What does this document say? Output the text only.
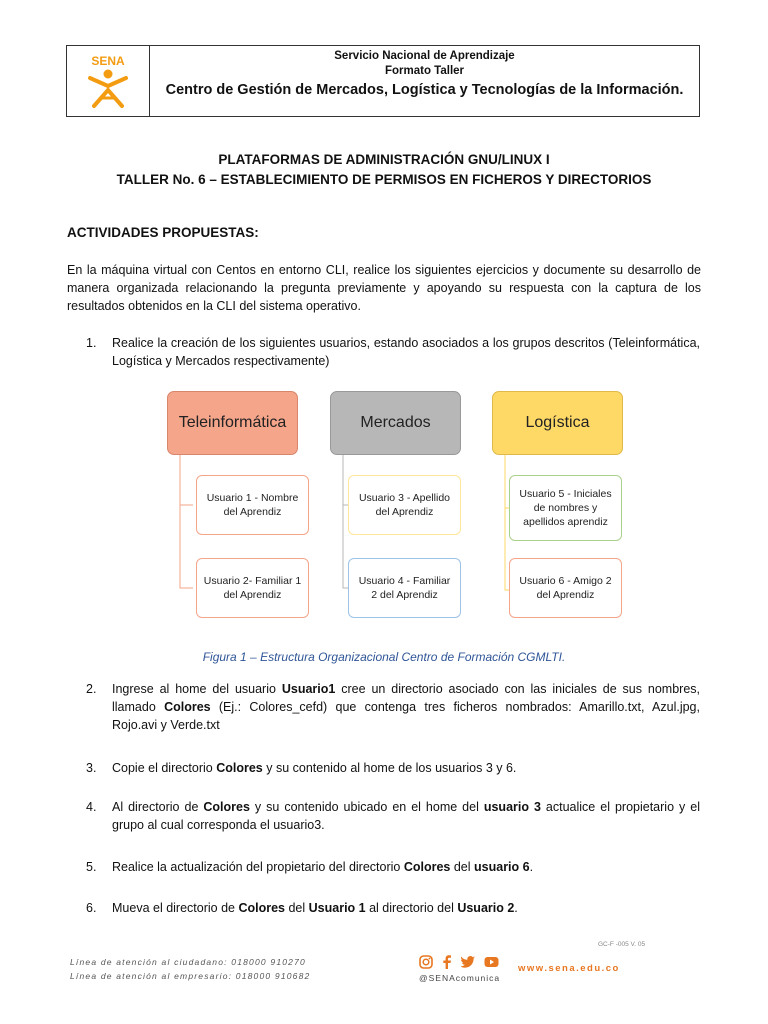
SENA	Servicio Nacional de Aprendizaje
Formato Taller
Centro de Gestión de Mercados, Logística y Tecnologías de la Información.
PLATAFORMAS DE ADMINISTRACIÓN GNU/LINUX I
TALLER No. 6 – ESTABLECIMIENTO DE PERMISOS EN FICHEROS Y DIRECTORIOS
ACTIVIDADES PROPUESTAS:
En la máquina virtual con Centos en entorno CLI, realice los siguientes ejercicios y documente su desarrollo de manera organizada relacionando la pregunta previamente y apoyando su respuesta con la captura de los resultados obtenidos en la CLI del sistema operativo.
1. Realice la creación de los siguientes usuarios, estando asociados a los grupos descritos (Teleinformática, Logística y Mercados respectivamente)
Teleinformática	Mercados	Logística
Usuario 1 - Nombre del Aprendiz
Usuario 2- Familiar 1 del Aprendiz
Usuario 3 - Apellido del Aprendiz
Usuario 4 - Familiar 2 del Aprendiz
Usuario 5 - Iniciales de nombres y apellidos aprendiz
Usuario 6 - Amigo 2 del Aprendiz
Figura 1 – Estructura Organizacional Centro de Formación CGMLTI.
2. Ingrese al home del usuario Usuario1 cree un directorio asociado con las iniciales de sus nombres, llamado Colores (Ej.: Colores_cefd) que contenga tres ficheros nombrados: Amarillo.txt, Azul.jpg, Rojo.avi y Verde.txt
3. Copie el directorio Colores y su contenido al home de los usuarios 3 y 6.
4. Al directorio de Colores y su contenido ubicado en el home del usuario 3 actualice el propietario y el grupo al cual corresponda el usuario3.
5. Realice la actualización del propietario del directorio Colores del usuario 6.
6. Mueva el directorio de Colores del Usuario 1 al directorio del Usuario 2.
GC-F -005 V. 05
Línea de atención al ciudadano: 018000 910270
Línea de atención al empresario: 018000 910682	@SENAcomunica
www.sena.edu.co
